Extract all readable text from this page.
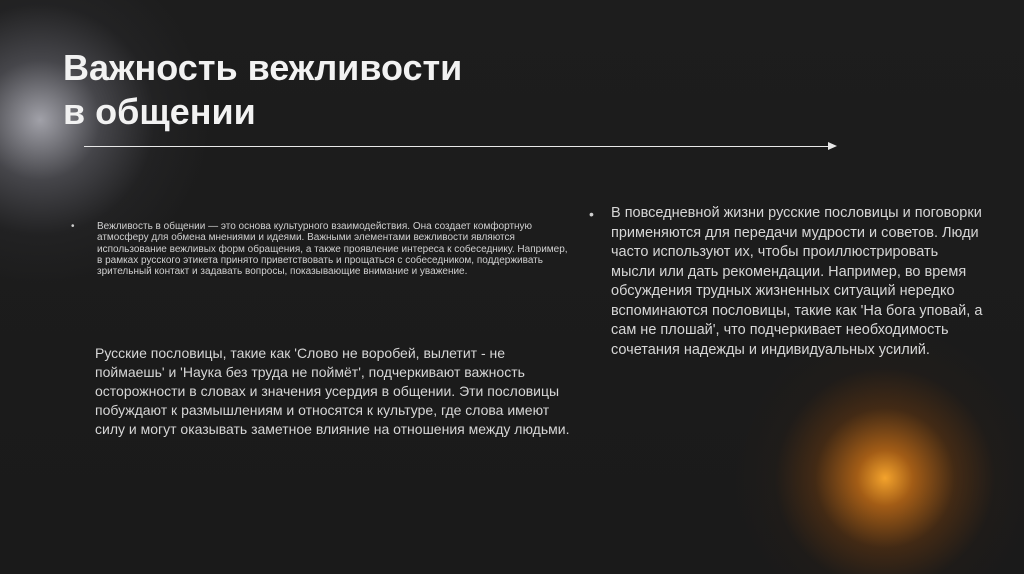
Важность вежливости
в общении
• Вежливость в общении — это основа культурного взаимодействия. Она создает комфортную атмосферу для обмена мнениями и идеями. Важными элементами вежливости являются использование вежливых форм обращения, а также проявление интереса к собеседнику. Например, в рамках русского этикета принято приветствовать и прощаться с собеседником, поддерживать зрительный контакт и задавать вопросы, показывающие внимание и уважение.

Русские пословицы, такие как 'Слово не воробей, вылетит - не поймаешь' и 'Наука без труда не поймёт', подчеркивают важность осторожности в словах и значения усердия в общении. Эти пословицы побуждают к размышлениям и относятся к культуре, где слова имеют силу и могут оказывать заметное влияние на отношения между людьми.

• В повседневной жизни русские пословицы и поговорки применяются для передачи мудрости и советов. Люди часто используют их, чтобы проиллюстрировать мысли или дать рекомендации. Например, во время обсуждения трудных жизненных ситуаций нередко вспоминаются пословицы, такие как 'На бога уповай, а сам не плошай', что подчеркивает необходимость сочетания надежды и индивидуальных усилий.
